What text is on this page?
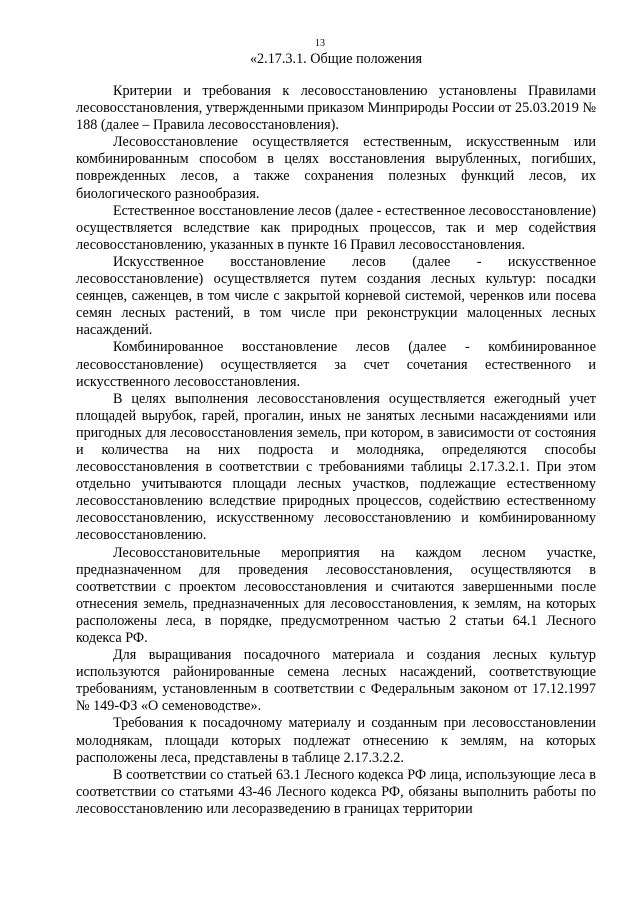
13
«2.17.3.1. Общие положения

Критерии и требования к лесовосстановлению установлены Правилами лесовосстановления, утвержденными приказом Минприроды России от 25.03.2019 № 188 (далее – Правила лесовосстановления).

Лесовосстановление осуществляется естественным, искусственным или комбинированным способом в целях восстановления вырубленных, погибших, поврежденных лесов, а также сохранения полезных функций лесов, их биологического разнообразия.

Естественное восстановление лесов (далее - естественное лесовосстановление) осуществляется вследствие как природных процессов, так и мер содействия лесовосстановлению, указанных в пункте 16 Правил лесовосстановления.

Искусственное восстановление лесов (далее - искусственное лесовосстановление) осуществляется путем создания лесных культур: посадки сеянцев, саженцев, в том числе с закрытой корневой системой, черенков или посева семян лесных растений, в том числе при реконструкции малоценных лесных насаждений.

Комбинированное восстановление лесов (далее - комбинированное лесовосстановление) осуществляется за счет сочетания естественного и искусственного лесовосстановления.

В целях выполнения лесовосстановления осуществляется ежегодный учет площадей вырубок, гарей, прогалин, иных не занятых лесными насаждениями или пригодных для лесовосстановления земель, при котором, в зависимости от состояния и количества на них подроста и молодняка, определяются способы лесовосстановления в соответствии с требованиями таблицы 2.17.3.2.1. При этом отдельно учитываются площади лесных участков, подлежащие естественному лесовосстановлению вследствие природных процессов, содействию естественному лесовосстановлению, искусственному лесовосстановлению и комбинированному лесовосстановлению.

Лесовосстановительные мероприятия на каждом лесном участке, предназначенном для проведения лесовосстановления, осуществляются в соответствии с проектом лесовосстановления и считаются завершенными после отнесения земель, предназначенных для лесовосстановления, к землям, на которых расположены леса, в порядке, предусмотренном частью 2 статьи 64.1 Лесного кодекса РФ.

Для выращивания посадочного материала и создания лесных культур используются районированные семена лесных насаждений, соответствующие требованиям, установленным в соответствии с Федеральным законом от 17.12.1997 № 149-ФЗ «О семеноводстве».

Требования к посадочному материалу и созданным при лесовосстановлении молоднякам, площади которых подлежат отнесению к землям, на которых расположены леса, представлены в таблице 2.17.3.2.2.

В соответствии со статьей 63.1 Лесного кодекса РФ лица, использующие леса в соответствии со статьями 43-46 Лесного кодекса РФ, обязаны выполнить работы по лесовосстановлению или лесоразведению в границах территории
